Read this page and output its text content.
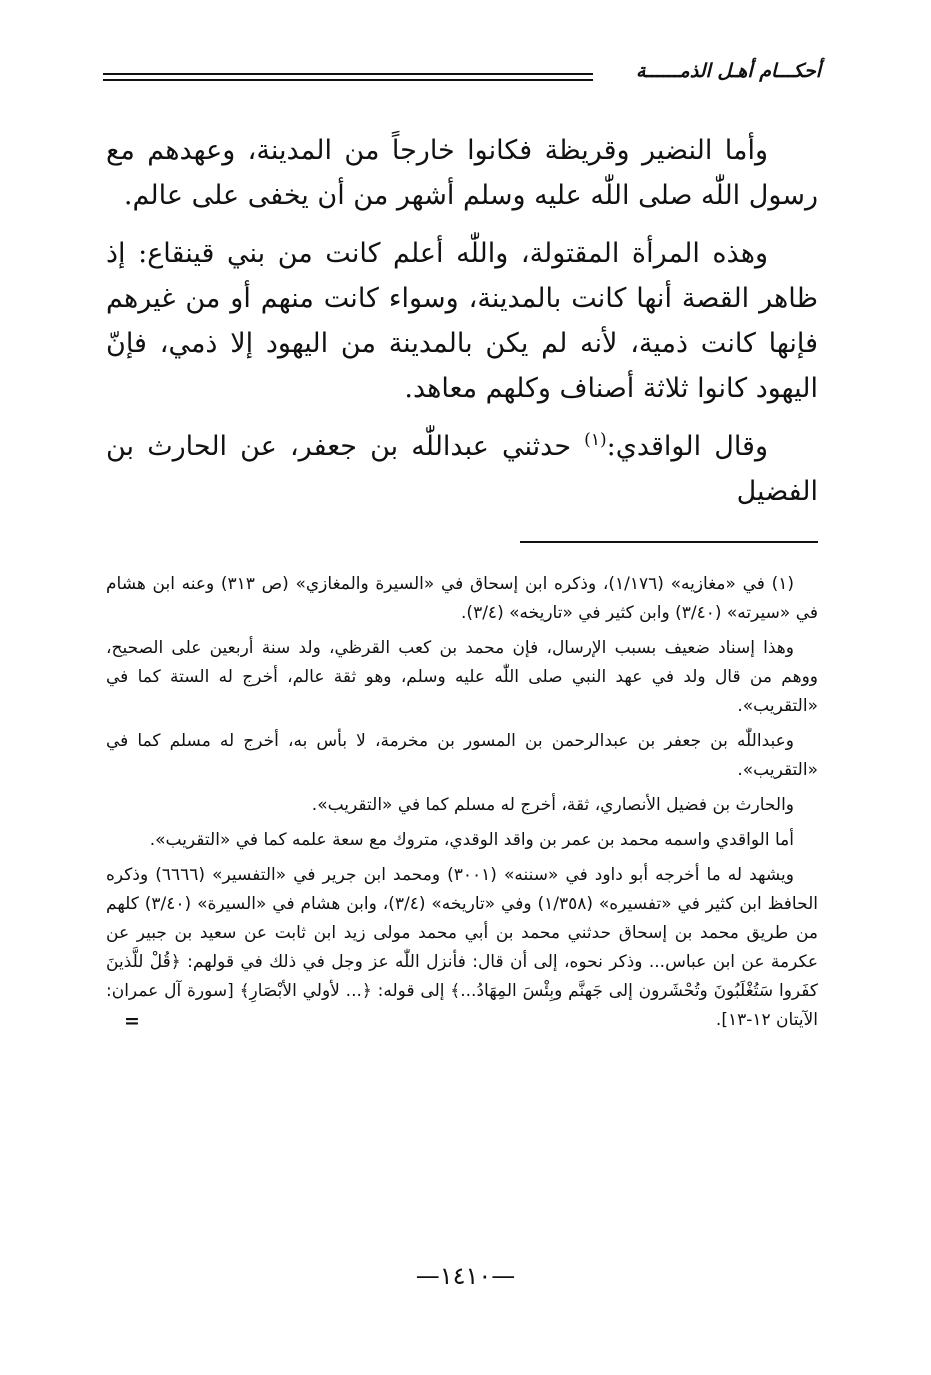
أحكـــام أهـل الذمــــــة

وأما النضير وقريظة فكانوا خارجاً من المدينة، وعهدهم مع رسول اللّٰه صلى اللّٰه عليه وسلم أشهر من أن يخفى على عالم.

وهذه المرأة المقتولة، واللّٰه أعلم كانت من بني قينقاع: إذ ظاهر القصة أنها كانت بالمدينة، وسواء كانت منهم أو من غيرهم فإنها كانت ذمية، لأنه لم يكن بالمدينة من اليهود إلا ذمي، فإنّ اليهود كانوا ثلاثة أصناف وكلهم معاهد.

وقال الواقدي:$^{(١)}$ حدثني عبداللّٰه بن جعفر، عن الحارث بن الفضيل

(١) في «مغازيه» (١/١٧٦)، وذكره ابن إسحاق في «السيرة والمغازي» (ص ٣١٣) وعنه ابن هشام في «سيرته» (٣/٤٠) وابن كثير في «تاريخه» (٣/٤).

وهذا إسناد ضعيف بسبب الإرسال، فإن محمد بن كعب القرظي، ولد سنة أربعين على الصحيح، ووهم من قال ولد في عهد النبي صلى اللّٰه عليه وسلم، وهو ثقة عالم، أخرج له الستة كما في «التقريب».

وعبداللّٰه بن جعفر بن عبدالرحمن بن المسور بن مخرمة، لا بأس به، أخرج له مسلم كما في «التقريب».

والحارث بن فضيل الأنصاري، ثقة، أخرج له مسلم كما في «التقريب».

أما الواقدي واسمه محمد بن عمر بن واقد الوقدي، متروك مع سعة علمه كما في «التقريب».

ويشهد له ما أخرجه أبو داود في «سننه» (٣٠٠١) ومحمد ابن جرير في «التفسير» (٦٦٦٦) وذكره الحافظ ابن كثير في «تفسيره» (١/٣٥٨) وفي «تاريخه» (٣/٤)، وابن هشام في «السيرة» (٣/٤٠) كلهم من طريق محمد بن إسحاق حدثني محمد بن أبي محمد مولى زيد ابن ثابت عن سعيد بن جبير عن عكرمة عن ابن عباس... وذكر نحوه، إلى أن قال: فأنزل اللّٰه عز وجل في ذلك في قولهم: ﴿قُلْ للَّذينَ كفَروا سَتُغْلَبُونَ وتُحْشَرون إلى جَهنَّم وبِئْسَ المِهَادُ...﴾ إلى قوله: ﴿... لأولي الأبْصَارِ﴾ [سورة آل عمران: الآيتان ١٢-١٣].
=

—١٤١٠—
